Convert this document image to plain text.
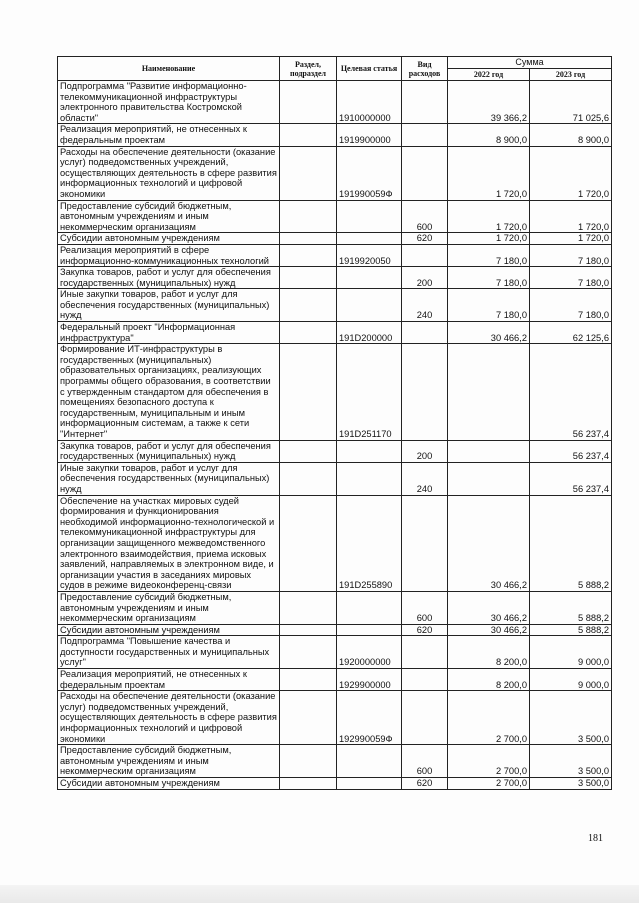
Наименование	Раздел, подраздел	Целевая статья	Вид расходов	Сумма	
				2022 год	2023 год
Подпрограмма "Развитие информационно-телекоммуникационной инфраструктуры электронного правительства Костромской области"		1910000000		39 366,2	71 025,6
Реализация мероприятий, не отнесенных к федеральным проектам		1919900000		8 900,0	8 900,0
Расходы на обеспечение деятельности (оказание услуг) подведомственных учреждений, осуществляющих деятельность в сфере развития информационных технологий и цифровой экономики		191990059Ф		1 720,0	1 720,0
Предоставление субсидий бюджетным, автономным учреждениям и иным некоммерческим организациям			600	1 720,0	1 720,0
Субсидии автономным учреждениям			620	1 720,0	1 720,0
Реализация мероприятий в сфере информационно-коммуникационных технологий		1919920050		7 180,0	7 180,0
Закупка товаров, работ и услуг для обеспечения государственных (муниципальных) нужд			200	7 180,0	7 180,0
Иные закупки товаров, работ и услуг для обеспечения государственных (муниципальных) нужд			240	7 180,0	7 180,0
Федеральный проект "Информационная инфраструктура"		191D200000		30 466,2	62 125,6
Формирование ИТ-инфраструктуры в государственных (муниципальных) образовательных организациях, реализующих программы общего образования, в соответствии с утвержденным стандартом для обеспечения в помещениях безопасного доступа к государственным, муниципальным и иным информационным системам, а также к сети "Интернет"		191D251170			56 237,4
Закупка товаров, работ и услуг для обеспечения государственных (муниципальных) нужд			200		56 237,4
Иные закупки товаров, работ и услуг для обеспечения государственных (муниципальных) нужд			240		56 237,4
Обеспечение на участках мировых судей формирования и функционирования необходимой информационно-технологической и телекоммуникационной инфраструктуры для организации защищенного межведомственного электронного взаимодействия, приема исковых заявлений, направляемых в электронном виде, и организации участия в заседаниях мировых судов в режиме видеоконференц-связи		191D255890		30 466,2	5 888,2
Предоставление субсидий бюджетным, автономным учреждениям и иным некоммерческим организациям			600	30 466,2	5 888,2
Субсидии автономным учреждениям			620	30 466,2	5 888,2
Подпрограмма "Повышение качества и доступности государственных и муниципальных услуг"		1920000000		8 200,0	9 000,0
Реализация мероприятий, не отнесенных к федеральным проектам		1929900000		8 200,0	9 000,0
Расходы на обеспечение деятельности (оказание услуг) подведомственных учреждений, осуществляющих деятельность в сфере развития информационных технологий и цифровой экономики		192990059Ф		2 700,0	3 500,0
Предоставление субсидий бюджетным, автономным учреждениям и иным некоммерческим организациям			600	2 700,0	3 500,0
Субсидии автономным учреждениям			620	2 700,0	3 500,0
181
